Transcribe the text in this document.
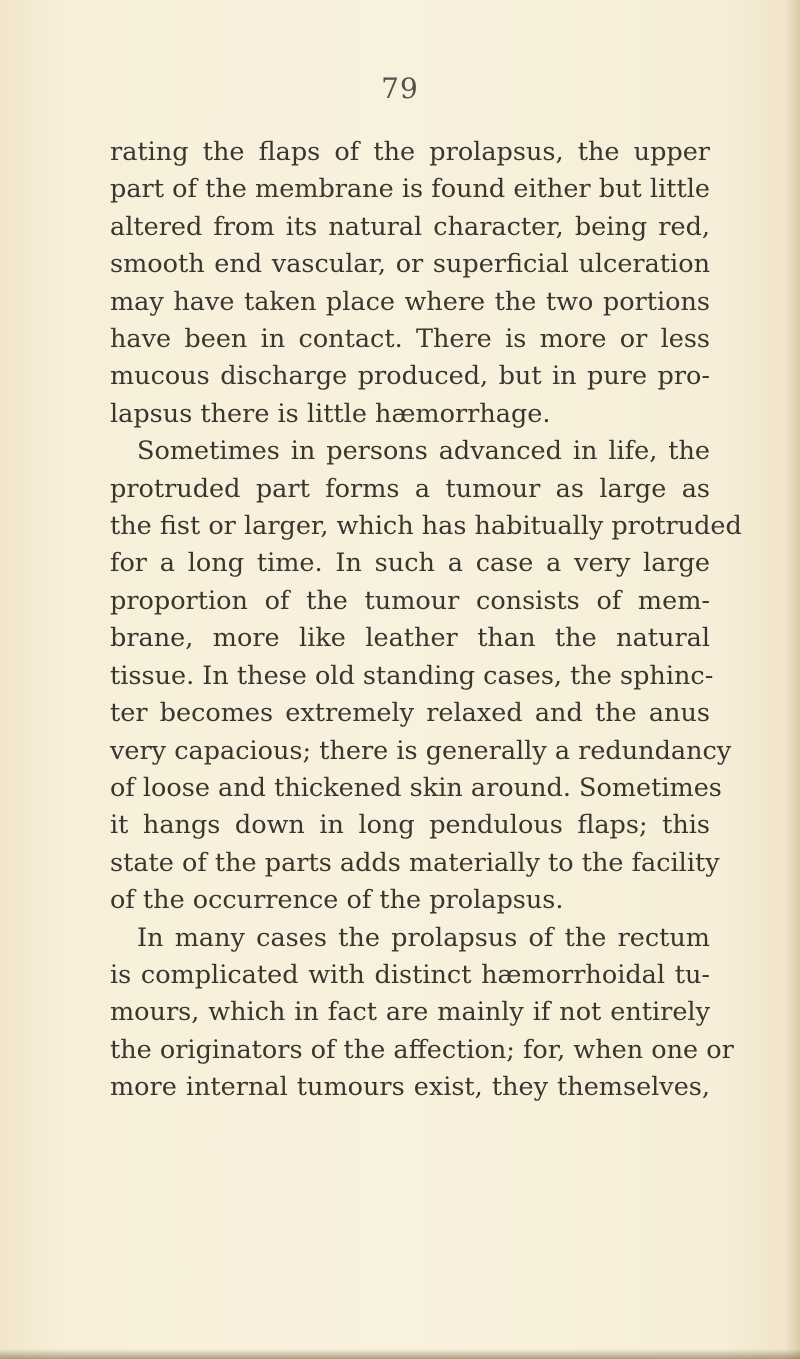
79

rating the flaps of the prolapsus, the upper
part of the membrane is found either but little
altered from its natural character, being red,
smooth end vascular, or superficial ulceration
may have taken place where the two portions
have been in contact. There is more or less
mucous discharge produced, but in pure pro-
lapsus there is little hæmorrhage.

Sometimes in persons advanced in life, the
protruded part forms a tumour as large as
the fist or larger, which has habitually protruded
for a long time. In such a case a very large
proportion of the tumour consists of mem-
brane, more like leather than the natural
tissue. In these old standing cases, the sphinc-
ter becomes extremely relaxed and the anus
very capacious; there is generally a redundancy
of loose and thickened skin around. Sometimes
it hangs down in long pendulous flaps; this
state of the parts adds materially to the facility
of the occurrence of the prolapsus.

In many cases the prolapsus of the rectum
is complicated with distinct hæmorrhoidal tu-
mours, which in fact are mainly if not entirely
the originators of the affection; for, when one or
more internal tumours exist, they themselves,
